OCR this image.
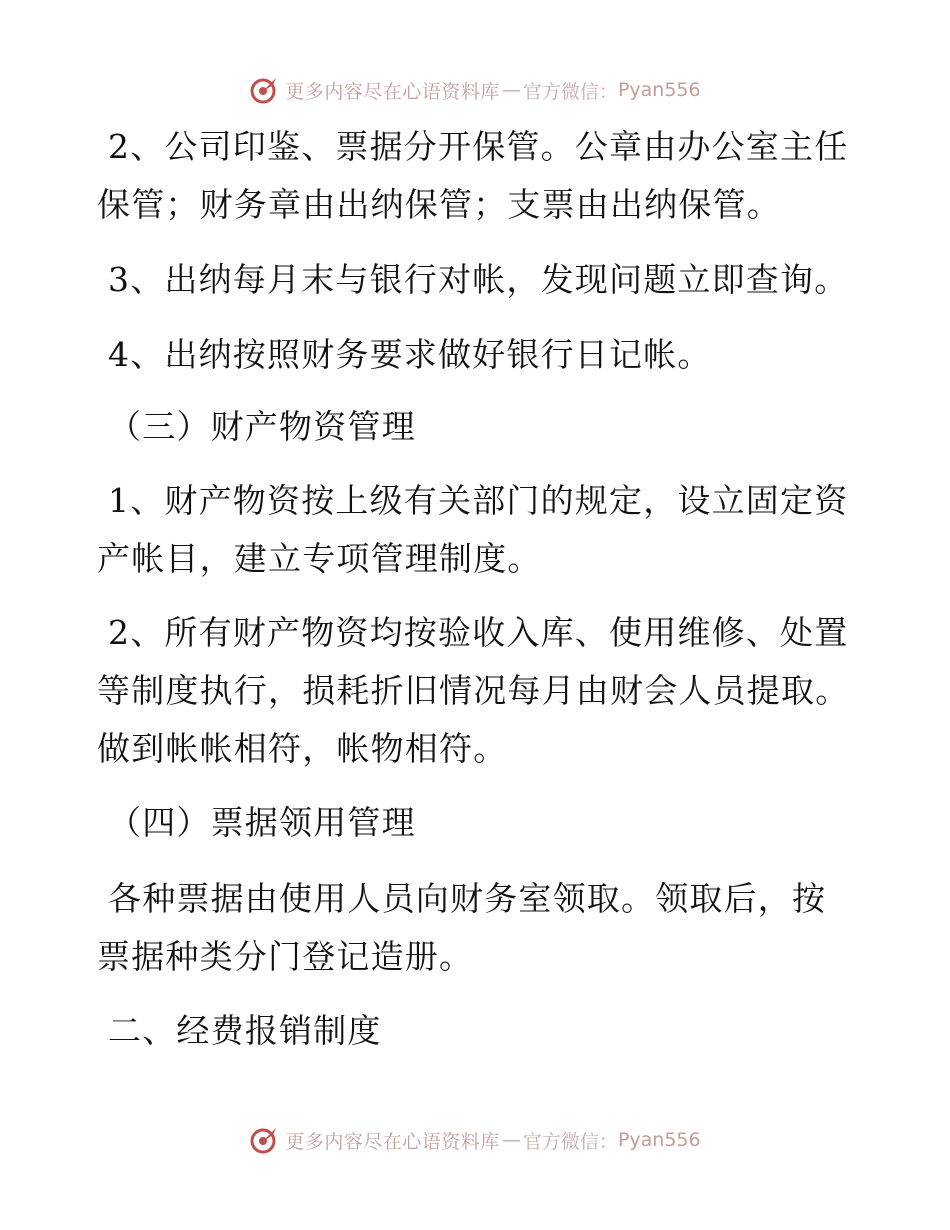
更多内容尽在心语资料库 — 官方微信： Pyan556
2、公司印鉴、票据分开保管。公章由办公室主任
保管；财务章由出纳保管；支票由出纳保管。
3、出纳每月末与银行对帐，发现问题立即查询。
4、出纳按照财务要求做好银行日记帐。
（三）财产物资管理
1、财产物资按上级有关部门的规定，设立固定资
产帐目，建立专项管理制度。
2、所有财产物资均按验收入库、使用维修、处置
等制度执行，损耗折旧情况每月由财会人员提取。
做到帐帐相符，帐物相符。
（四）票据领用管理
各种票据由使用人员向财务室领取。领取后，按
票据种类分门登记造册。
二、经费报销制度
更多内容尽在心语资料库 — 官方微信： Pyan556
